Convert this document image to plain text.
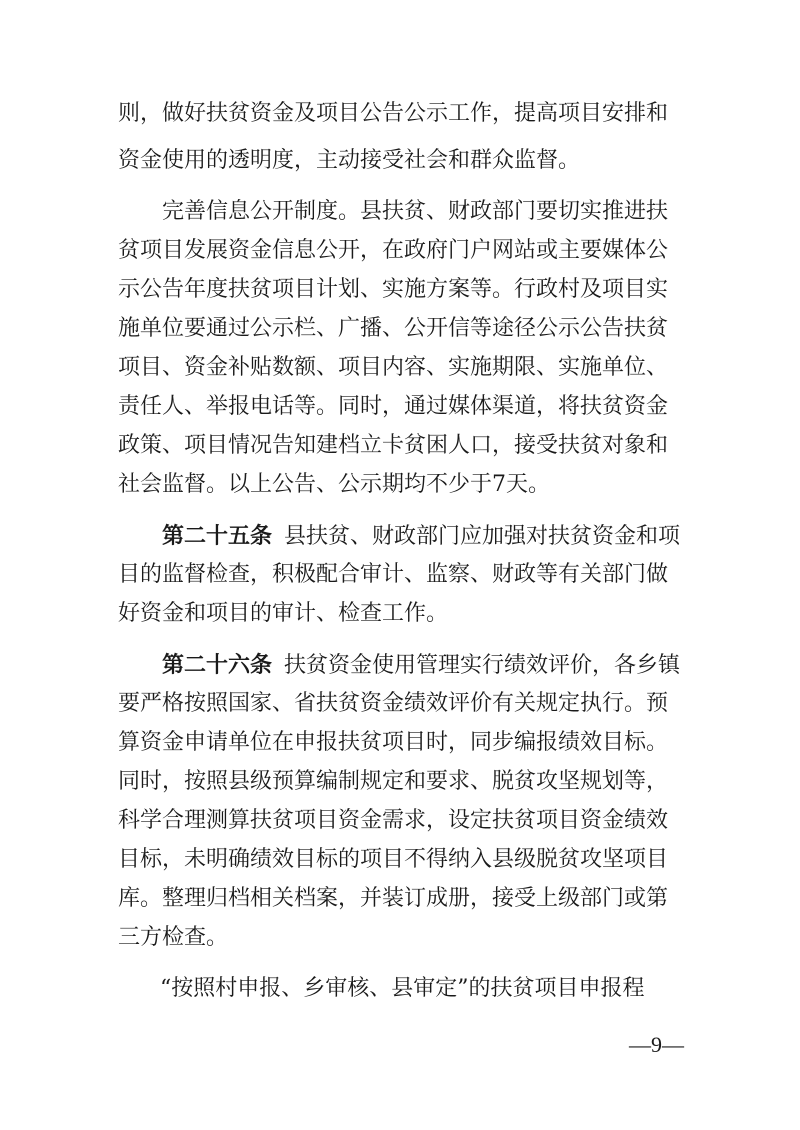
则，做好扶贫资金及项目公告公示工作，提高项目安排和
资金使用的透明度，主动接受社会和群众监督。
完善信息公开制度。县扶贫、财政部门要切实推进扶
贫项目发展资金信息公开，在政府门户网站或主要媒体公
示公告年度扶贫项目计划、实施方案等。行政村及项目实
施单位要通过公示栏、广播、公开信等途径公示公告扶贫
项目、资金补贴数额、项目内容、实施期限、实施单位、
责任人、举报电话等。同时，通过媒体渠道，将扶贫资金
政策、项目情况告知建档立卡贫困人口，接受扶贫对象和
社会监督。以上公告、公示期均不少于7天。
第二十五条 县扶贫、财政部门应加强对扶贫资金和项
目的监督检查，积极配合审计、监察、财政等有关部门做
好资金和项目的审计、检查工作。
第二十六条 扶贫资金使用管理实行绩效评价，各乡镇
要严格按照国家、省扶贫资金绩效评价有关规定执行。预
算资金申请单位在申报扶贫项目时，同步编报绩效目标。
同时，按照县级预算编制规定和要求、脱贫攻坚规划等，
科学合理测算扶贫项目资金需求，设定扶贫项目资金绩效
目标，未明确绩效目标的项目不得纳入县级脱贫攻坚项目
库。整理归档相关档案，并装订成册，接受上级部门或第
三方检查。
“按照村申报、乡审核、县审定”的扶贫项目申报程
—9—
